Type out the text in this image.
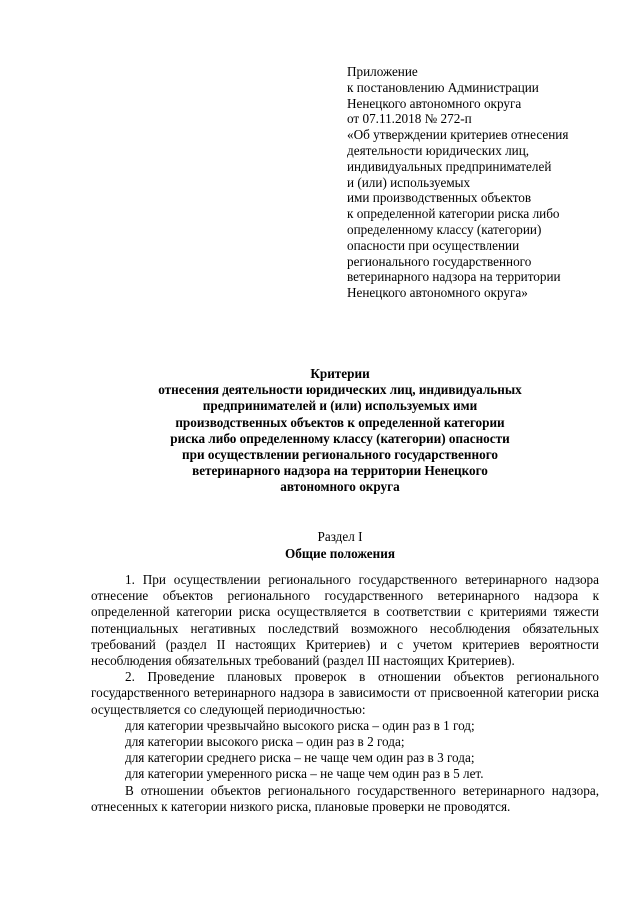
Приложение
к постановлению Администрации
Ненецкого автономного округа
от 07.11.2018 № 272-п
«Об утверждении критериев отнесения
деятельности юридических лиц,
индивидуальных предпринимателей
и (или) используемых
ими производственных объектов
к определенной категории риска либо
определенному классу (категории)
опасности при осуществлении
регионального государственного
ветеринарного надзора на территории
Ненецкого автономного округа»
Критерии
отнесения деятельности юридических лиц, индивидуальных
предпринимателей и (или) используемых ими
производственных объектов к определенной категории
риска либо определенному классу (категории) опасности
при осуществлении регионального государственного
ветеринарного надзора на территории Ненецкого
автономного округа
Раздел I
Общие положения

1. При осуществлении регионального государственного ветеринарного надзора отнесение объектов регионального государственного ветеринарного надзора к определенной категории риска осуществляется в соответствии с критериями тяжести потенциальных негативных последствий возможного несоблюдения обязательных требований (раздел II настоящих Критериев) и с учетом критериев вероятности несоблюдения обязательных требований (раздел III настоящих Критериев).

2. Проведение плановых проверок в отношении объектов регионального государственного ветеринарного надзора в зависимости от присвоенной категории риска осуществляется со следующей периодичностью:

для категории чрезвычайно высокого риска – один раз в 1 год;

для категории высокого риска – один раз в 2 года;

для категории среднего риска – не чаще чем один раз в 3 года;

для категории умеренного риска – не чаще чем один раз в 5 лет.

В отношении объектов регионального государственного ветеринарного надзора, отнесенных к категории низкого риска, плановые проверки не проводятся.
